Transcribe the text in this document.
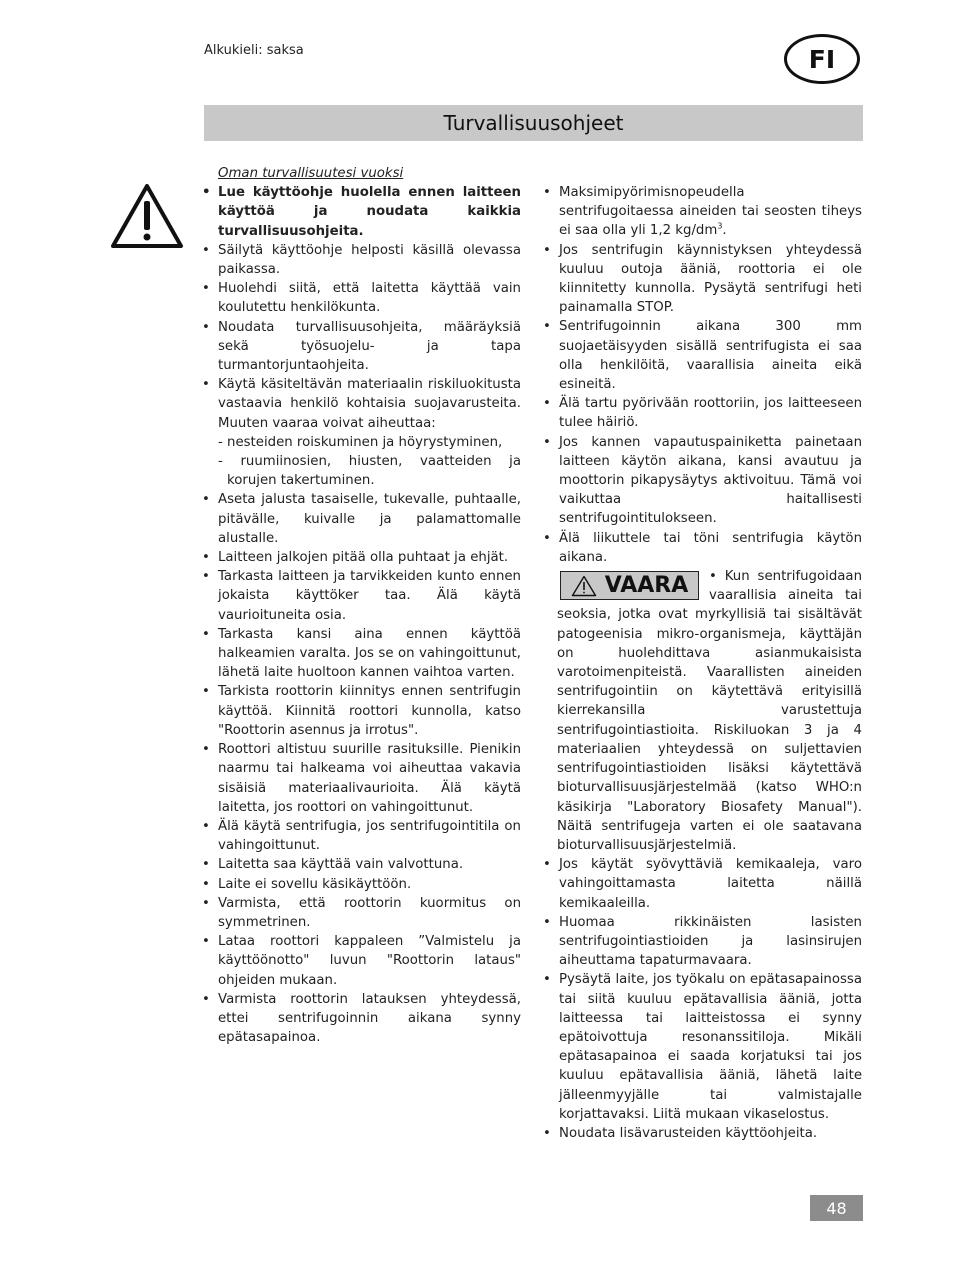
Alkukieli: saksa	FI
Turvallisuusohjeet
Oman turvallisuutesi vuoksi
• Lue käyttöohje huolella ennen laitteen käyttöä ja noudata kaikkia turvallisuusohjeita.
• Säilytä käyttöohje helposti käsillä olevassa paikassa.
• Huolehdi siitä, että laitetta käyttää vain koulutettu henkilökunta.
• Noudata turvallisuusohjeita, määräyksiä sekä työsuojelu- ja tapa turmantorjuntaohjeita.
• Käytä käsiteltävän materiaalin riskiluokitusta vastaavia henkilö kohtaisia suojavarusteita. Muuten vaaraa voivat aiheuttaa:
- nesteiden roiskuminen ja höyrystyminen,
- ruumiinosien, hiusten, vaatteiden ja korujen takertuminen.
• Aseta jalusta tasaiselle, tukevalle, puhtaalle, pitävälle, kuivalle ja palamattomalle alustalle.
• Laitteen jalkojen pitää olla puhtaat ja ehjät.
• Tarkasta laitteen ja tarvikkeiden kunto ennen jokaista käyttöker taa. Älä käytä vaurioituneita osia.
• Tarkasta kansi aina ennen käyttöä halkeamien varalta. Jos se on vahingoittunut, lähetä laite huoltoon kannen vaihtoa varten.
• Tarkista roottorin kiinnitys ennen sentrifugin käyttöä. Kiinnitä roottori kunnolla, katso "Roottorin asennus ja irrotus".
• Roottori altistuu suurille rasituksille. Pienikin naarmu tai halkeama voi aiheuttaa vakavia sisäisiä materiaalivaurioita. Älä käytä laitetta, jos roottori on vahingoittunut.
• Älä käytä sentrifugia, jos sentrifugointitila on vahingoittunut.
• Laitetta saa käyttää vain valvottuna.
• Laite ei sovellu käsikäyttöön.
• Varmista, että roottorin kuormitus on symmetrinen.
• Lataa roottori kappaleen ”Valmistelu ja käyttöönotto" luvun "Roottorin lataus" ohjeiden mukaan.
• Varmista roottorin latauksen yhteydessä, ettei sentrifugoinnin aikana synny epätasapainoa.
• Maksimipyörimisnopeudella sentrifugoitaessa aineiden tai seosten tiheys ei saa olla yli 1,2 $kg/dm^3$.
• Jos sentrifugin käynnistyksen yhteydessä kuuluu outoja ääniä, roottoria ei ole kiinnitetty kunnolla. Pysäytä sentrifugi heti painamalla STOP.
• Sentrifugoinnin aikana 300 mm suojaetäisyyden sisällä sentrifugista ei saa olla henkilöitä, vaarallisia aineita eikä esineitä.
• Älä tartu pyörivään roottoriin, jos laitteeseen tulee häiriö.
• Jos kannen vapautuspainiketta painetaan laitteen käytön aikana, kansi avautuu ja moottorin pikapysäytys aktivoituu. Tämä voi vaikuttaa haitallisesti sentrifugointitulokseen.
• Älä liikuttele tai töni sentrifugia käytön aikana.
VAARA	• Kun sentrifugoidaan vaarallisia aineita tai seoksia, jotka ovat myrkyllisiä tai sisältävät patogeenisia mikro-organismeja, käyttäjän on huolehdittava asianmukaisista varotoimenpiteistä. Vaarallisten aineiden sentrifugointiin on käytettävä erityisillä kierrekansilla varustettuja sentrifugointiastioita. Riskiluokan 3 ja 4 materiaalien yhteydessä on suljettavien sentrifugointiastioiden lisäksi käytettävä bioturvallisuusjärjestelmää (katso WHO:n käsikirja "Laboratory Biosafety Manual"). Näitä sentrifugeja varten ei ole saatavana bioturvallisuusjärjestelmiä.
• Jos käytät syövyttäviä kemikaaleja, varo vahingoittamasta laitetta näillä kemikaaleilla.
• Huomaa rikkinäisten lasisten sentrifugointiastioiden ja lasinsirujen aiheuttama tapaturmavaara.
• Pysäytä laite, jos työkalu on epätasapainossa tai siitä kuuluu epätavallisia ääniä, jotta laitteessa tai laitteistossa ei synny epätoivottuja resonanssitiloja. Mikäli epätasapainoa ei saada korjatuksi tai jos kuuluu epätavallisia ääniä, lähetä laite jälleenmyyjälle tai valmistajalle korjattavaksi. Liitä mukaan vikaselostus.
• Noudata lisävarusteiden käyttöohjeita.
48
